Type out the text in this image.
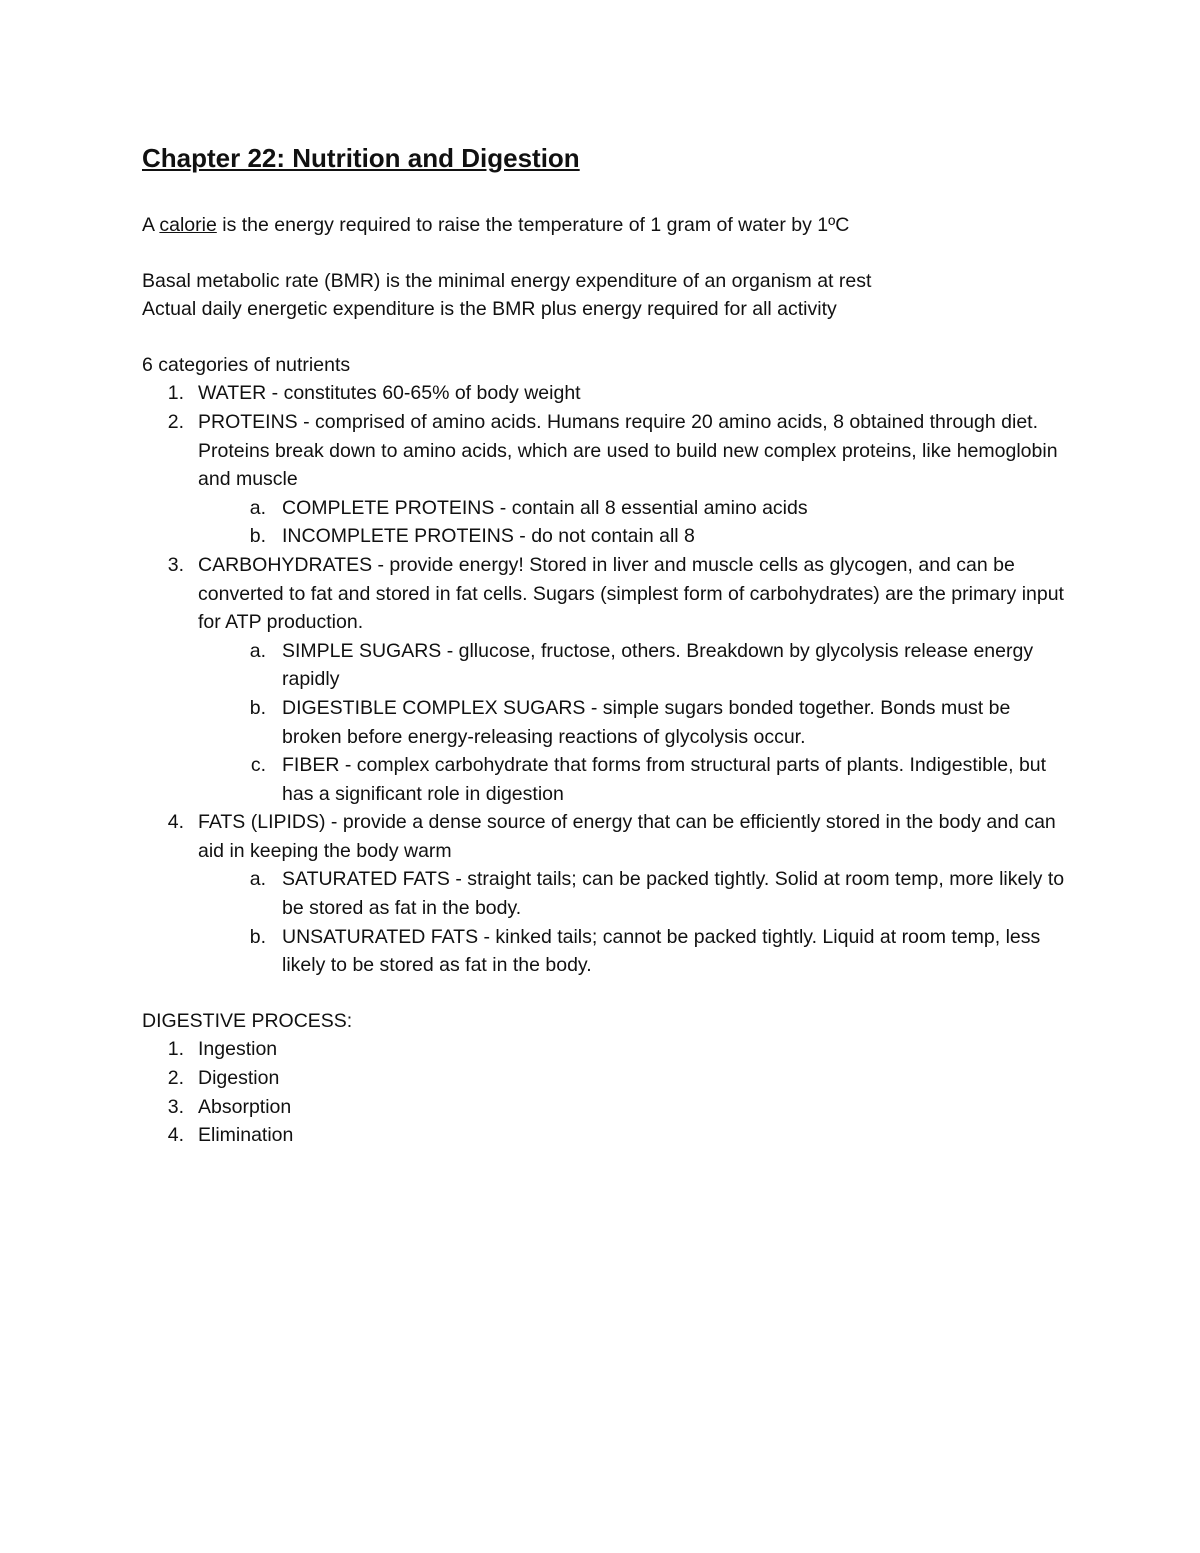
Chapter 22: Nutrition and Digestion

A calorie is the energy required to raise the temperature of 1 gram of water by 1ºC

Basal metabolic rate (BMR) is the minimal energy expenditure of an organism at rest

Actual daily energetic expenditure is the BMR plus energy required for all activity

6 categories of nutrients

1. WATER - constitutes 60-65% of body weight
2. PROTEINS - comprised of amino acids. Humans require 20 amino acids, 8 obtained through diet. Proteins break down to amino acids, which are used to build new complex proteins, like hemoglobin and muscle
a. COMPLETE PROTEINS - contain all 8 essential amino acids
b. INCOMPLETE PROTEINS - do not contain all 8
3. CARBOHYDRATES - provide energy! Stored in liver and muscle cells as glycogen, and can be converted to fat and stored in fat cells. Sugars (simplest form of carbohydrates) are the primary input for ATP production.
a. SIMPLE SUGARS - gllucose, fructose, others. Breakdown by glycolysis release energy rapidly
b. DIGESTIBLE COMPLEX SUGARS - simple sugars bonded together. Bonds must be broken before energy-releasing reactions of glycolysis occur.
c. FIBER - complex carbohydrate that forms from structural parts of plants. Indigestible, but has a significant role in digestion
4. FATS (LIPIDS) - provide a dense source of energy that can be efficiently stored in the body and can aid in keeping the body warm
a. SATURATED FATS - straight tails; can be packed tightly. Solid at room temp, more likely to be stored as fat in the body.
b. UNSATURATED FATS - kinked tails; cannot be packed tightly. Liquid at room temp, less likely to be stored as fat in the body.

DIGESTIVE PROCESS:

1. Ingestion
2. Digestion
3. Absorption
4. Elimination
